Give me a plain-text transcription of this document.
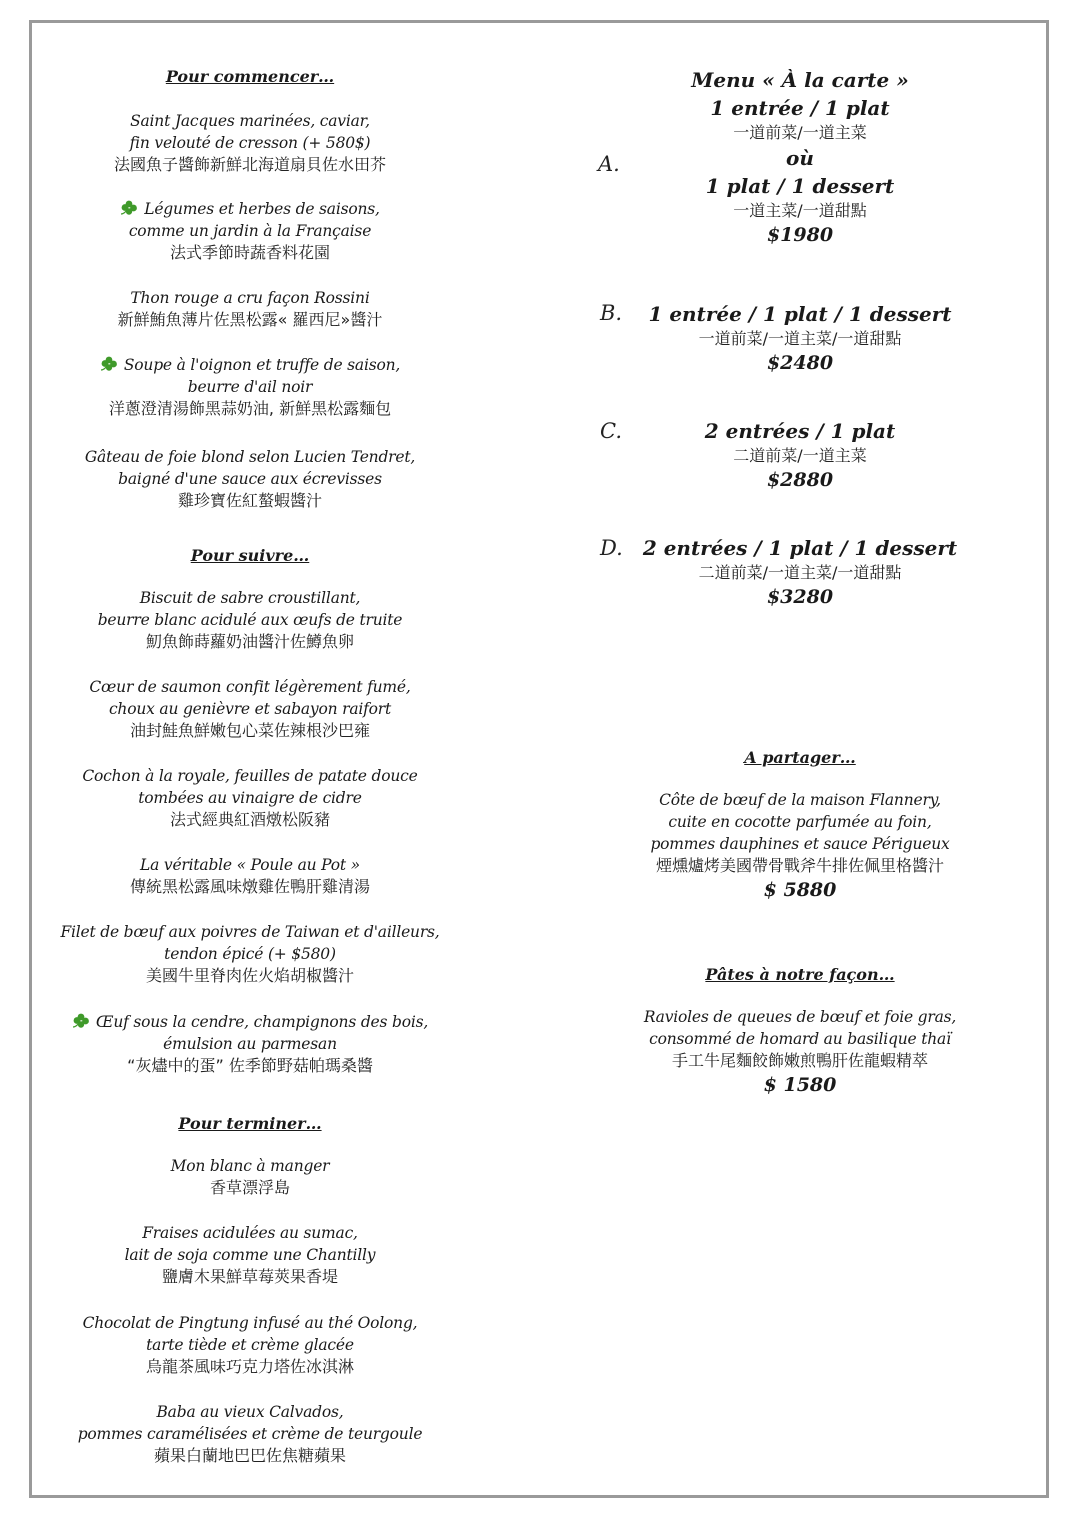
Pour commencer…
Saint Jacques marinées, caviar,
fin velouté de cresson (+ 580$)
法國魚子醬飾新鮮北海道扇貝佐水田芥
Légumes et herbes de saisons,
comme un jardin à la Française
法式季節時蔬香料花園
Thon rouge a cru façon Rossini
新鮮鮪魚薄片佐黑松露« 羅西尼»醬汁
Soupe à l'oignon et truffe de saison,
beurre d'ail noir
洋蔥澄清湯飾黑蒜奶油, 新鮮黑松露麵包
Gâteau de foie blond selon Lucien Tendret,
baigné d'une sauce aux écrevisses
雞珍寶佐紅螯蝦醬汁
Pour suivre…
Biscuit de sabre croustillant,
beurre blanc acidulé aux œufs de truite
魛魚飾蒔蘿奶油醬汁佐鱒魚卵
Cœur de saumon confit légèrement fumé,
choux au genièvre et sabayon raifort
油封鮭魚鮮嫩包心菜佐辣根沙巴雍
Cochon à la royale, feuilles de patate douce
tombées au vinaigre de cidre
法式經典紅酒燉松阪豬
La véritable « Poule au Pot »
傳統黑松露風味燉雞佐鴨肝雞清湯
Filet de bœuf aux poivres de Taiwan et d'ailleurs,
tendon épicé (+ $580)
美國牛里脊肉佐火焰胡椒醬汁
Œuf sous la cendre, champignons des bois,
émulsion au parmesan
“灰燼中的蛋” 佐季節野菇帕瑪桑醬
Pour terminer…
Mon blanc à manger
香草漂浮島
Fraises acidulées au sumac,
lait de soja comme une Chantilly
鹽膚木果鮮草莓莢果香堤
Chocolat de Pingtung infusé au thé Oolong,
tarte tiède et crème glacée
烏龍茶風味巧克力塔佐冰淇淋
Baba au vieux Calvados,
pommes caramélisées et crème de teurgoule
蘋果白蘭地巴巴佐焦糖蘋果
A.
B.
C.
D.
Menu « À la carte »
1 entrée / 1 plat
一道前菜/一道主菜
où
1 plat / 1 dessert
一道主菜/一道甜點
$1980
1 entrée / 1 plat / 1 dessert
一道前菜/一道主菜/一道甜點
$2480
2 entrées / 1 plat
二道前菜/一道主菜
$2880
2 entrées / 1 plat / 1 dessert
二道前菜/一道主菜/一道甜點
$3280
A partager…
Côte de bœuf de la maison Flannery,
cuite en cocotte parfumée au foin,
pommes dauphines et sauce Périgueux
煙燻爐烤美國帶骨戰斧牛排佐佩里格醬汁
$ 5880
Pâtes à notre façon…
Ravioles de queues de bœuf et foie gras,
consommé de homard au basilique thaï
手工牛尾麵餃飾嫩煎鴨肝佐龍蝦精萃
$ 1580
